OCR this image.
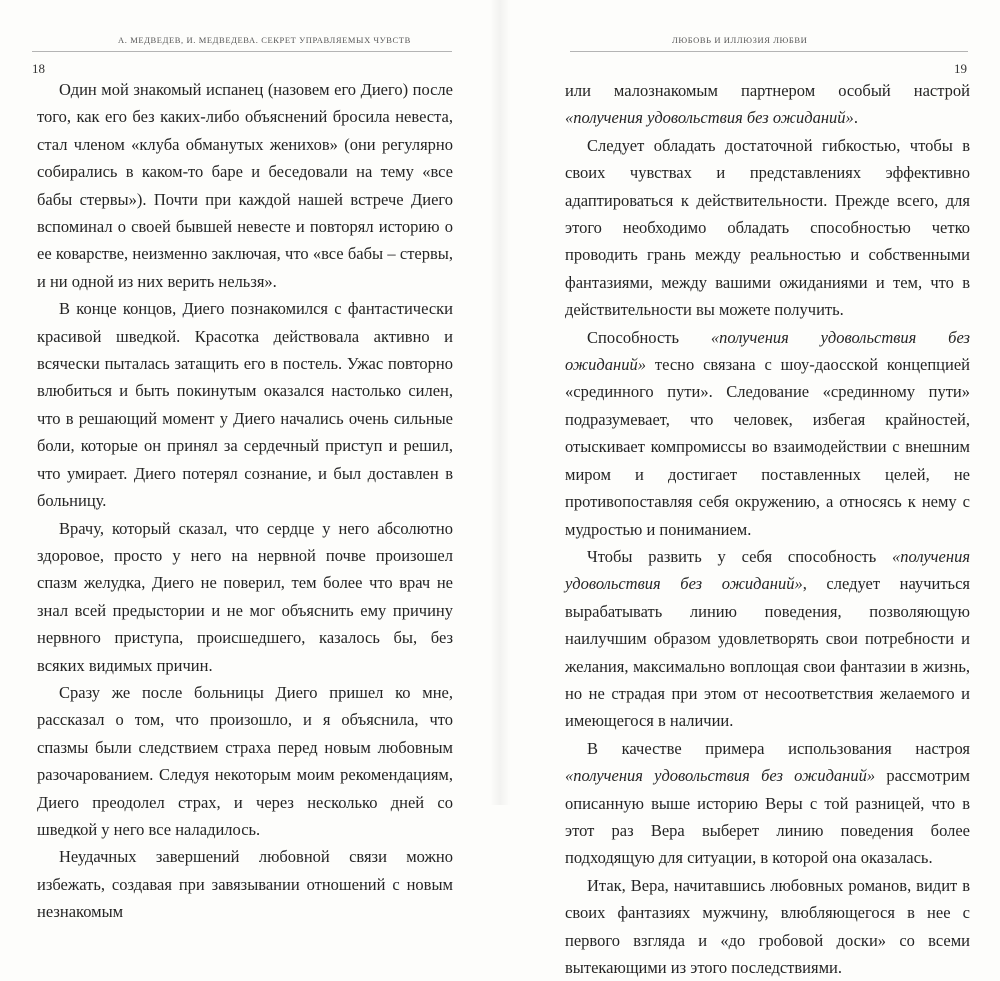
18
А. МЕДВЕДЕВ, И. МЕДВЕДЕВА. СЕКРЕТ УПРАВЛЯЕМЫХ ЧУВСТВ

Один мой знакомый испанец (назовем его Диего) после того, как его без каких-либо объяснений бросила невеста, стал членом «клуба обманутых женихов» (они регулярно собирались в каком-то баре и беседовали на тему «все бабы стервы»). Почти при каждой нашей встрече Диего вспоминал о своей бывшей невесте и повторял историю о ее коварстве, неизменно заключая, что «все бабы – стервы, и ни одной из них верить нельзя».

В конце концов, Диего познакомился с фантастически красивой шведкой. Красотка действовала активно и всячески пыталась затащить его в постель. Ужас повторно влюбиться и быть покинутым оказался настолько силен, что в решающий момент у Диего начались очень сильные боли, которые он принял за сердечный приступ и решил, что умирает. Диего потерял сознание, и был доставлен в больницу.

Врачу, который сказал, что сердце у него абсолютно здоровое, просто у него на нервной почве произошел спазм желудка, Диего не поверил, тем более что врач не знал всей предыстории и не мог объяснить ему причину нервного приступа, происшедшего, казалось бы, без всяких видимых причин.

Сразу же после больницы Диего пришел ко мне, рассказал о том, что произошло, и я объяснила, что спазмы были следствием страха перед новым любовным разочарованием. Следуя некоторым моим рекомендациям, Диего преодолел страх, и через несколько дней со шведкой у него все наладилось.

Неудачных завершений любовной связи можно избежать, создавая при завязывании отношений с новым незнакомым

ЛЮБОВЬ И ИЛЛЮЗИЯ ЛЮБВИ
19

или малознакомым партнером особый настрой «получения удовольствия без ожиданий».

Следует обладать достаточной гибкостью, чтобы в своих чувствах и представлениях эффективно адаптироваться к действительности. Прежде всего, для этого необходимо обладать способностью четко проводить грань между реальностью и собственными фантазиями, между вашими ожиданиями и тем, что в действительности вы можете получить.

Способность «получения удовольствия без ожиданий» тесно связана с шоу-даосской концепцией «срединного пути». Следование «срединному пути» подразумевает, что человек, избегая крайностей, отыскивает компромиссы во взаимодействии с внешним миром и достигает поставленных целей, не противопоставляя себя окружению, а относясь к нему с мудростью и пониманием.

Чтобы развить у себя способность «получения удовольствия без ожиданий», следует научиться вырабатывать линию поведения, позволяющую наилучшим образом удовлетворять свои потребности и желания, максимально воплощая свои фантазии в жизнь, но не страдая при этом от несоответствия желаемого и имеющегося в наличии.

В качестве примера использования настроя «получения удовольствия без ожиданий» рассмотрим описанную выше историю Веры с той разницей, что в этот раз Вера выберет линию поведения более подходящую для ситуации, в которой она оказалась.

Итак, Вера, начитавшись любовных романов, видит в своих фантазиях мужчину, влюбляющегося в нее с первого взгляда и «до гробовой доски» со всеми вытекающими из этого последствиями.
